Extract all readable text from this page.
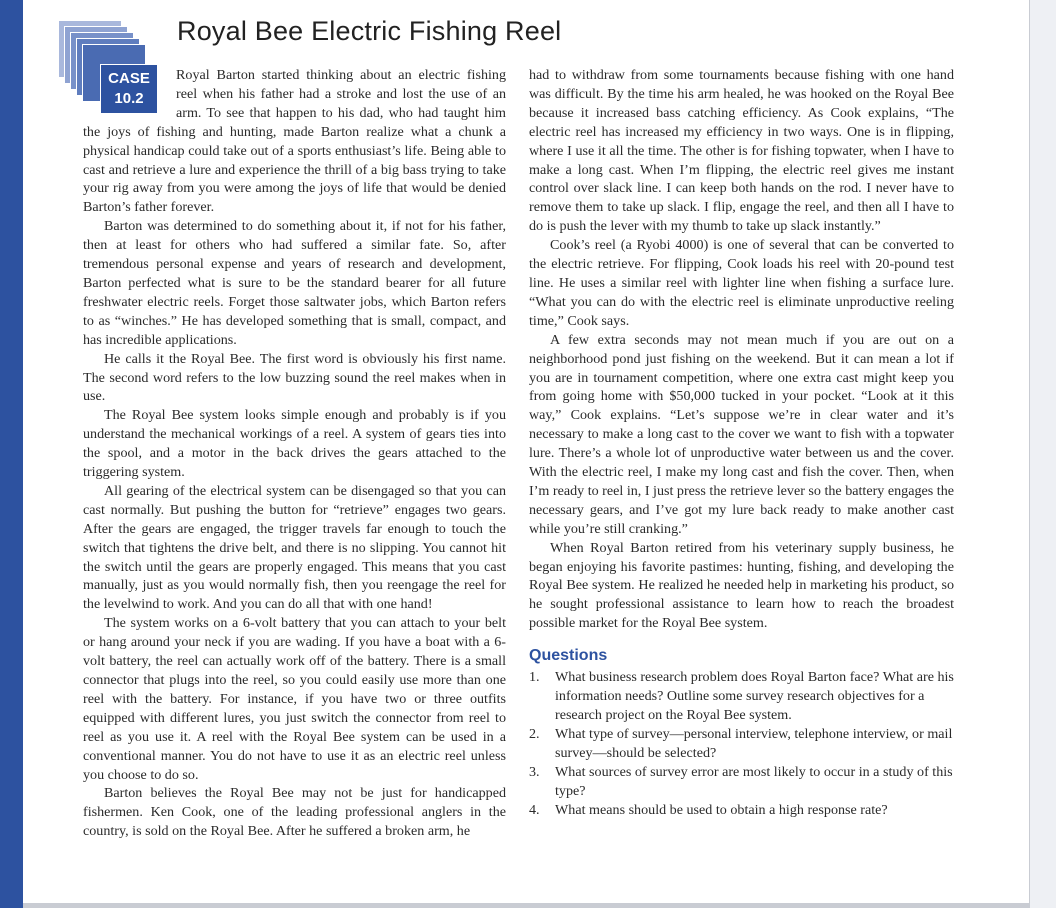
CASE
10.2
Royal Bee Electric Fishing Reel

Royal Barton started thinking about an electric fishing reel when his father had a stroke and lost the use of an arm. To see that happen to his dad, who had taught him the joys of fishing and hunting, made Barton realize what a chunk a physical handicap could take out of a sports enthusiast’s life. Being able to cast and retrieve a lure and experience the thrill of a big bass trying to take your rig away from you were among the joys of life that would be denied Barton’s father forever.

Barton was determined to do something about it, if not for his father, then at least for others who had suffered a similar fate. So, after tremendous personal expense and years of research and development, Barton perfected what is sure to be the standard bearer for all future freshwater electric reels. Forget those saltwater jobs, which Barton refers to as “winches.” He has developed something that is small, compact, and has incredible applications.

He calls it the Royal Bee. The first word is obviously his first name. The second word refers to the low buzzing sound the reel makes when in use.

The Royal Bee system looks simple enough and probably is if you understand the mechanical workings of a reel. A system of gears ties into the spool, and a motor in the back drives the gears attached to the triggering system.

All gearing of the electrical system can be disengaged so that you can cast normally. But pushing the button for “retrieve” engages two gears. After the gears are engaged, the trigger travels far enough to touch the switch that tightens the drive belt, and there is no slipping. You cannot hit the switch until the gears are properly engaged. This means that you cast manually, just as you would normally fish, then you reengage the reel for the levelwind to work. And you can do all that with one hand!

The system works on a 6-volt battery that you can attach to your belt or hang around your neck if you are wading. If you have a boat with a 6-volt battery, the reel can actually work off of the battery. There is a small connector that plugs into the reel, so you could easily use more than one reel with the battery. For instance, if you have two or three outfits equipped with different lures, you just switch the connector from reel to reel as you use it. A reel with the Royal Bee system can be used in a conventional manner. You do not have to use it as an electric reel unless you choose to do so.

Barton believes the Royal Bee may not be just for handicapped fishermen. Ken Cook, one of the leading professional anglers in the country, is sold on the Royal Bee. After he suffered a broken arm, he

had to withdraw from some tournaments because fishing with one hand was difficult. By the time his arm healed, he was hooked on the Royal Bee because it increased bass catching efficiency. As Cook explains, “The electric reel has increased my efficiency in two ways. One is in flipping, where I use it all the time. The other is for fishing topwater, when I have to make a long cast. When I’m flipping, the electric reel gives me instant control over slack line. I can keep both hands on the rod. I never have to remove them to take up slack. I flip, engage the reel, and then all I have to do is push the lever with my thumb to take up slack instantly.”

Cook’s reel (a Ryobi 4000) is one of several that can be converted to the electric retrieve. For flipping, Cook loads his reel with 20-pound test line. He uses a similar reel with lighter line when fishing a surface lure. “What you can do with the electric reel is eliminate unproductive reeling time,” Cook says.

A few extra seconds may not mean much if you are out on a neighborhood pond just fishing on the weekend. But it can mean a lot if you are in tournament competition, where one extra cast might keep you from going home with $50,000 tucked in your pocket. “Look at it this way,” Cook explains. “Let’s suppose we’re in clear water and it’s necessary to make a long cast to the cover we want to fish with a topwater lure. There’s a whole lot of unproductive water between us and the cover. With the electric reel, I make my long cast and fish the cover. Then, when I’m ready to reel in, I just press the retrieve lever so the battery engages the necessary gears, and I’ve got my lure back ready to make another cast while you’re still cranking.”

When Royal Barton retired from his veterinary supply business, he began enjoying his favorite pastimes: hunting, fishing, and developing the Royal Bee system. He realized he needed help in marketing his product, so he sought professional assistance to learn how to reach the broadest possible market for the Royal Bee system.

Questions
1.	What business research problem does Royal Barton face? What are his information needs? Outline some survey research objectives for a research project on the Royal Bee system.
2.	What type of survey—personal interview, telephone interview, or mail survey—should be selected?
3.	What sources of survey error are most likely to occur in a study of this type?
4.	What means should be used to obtain a high response rate?
